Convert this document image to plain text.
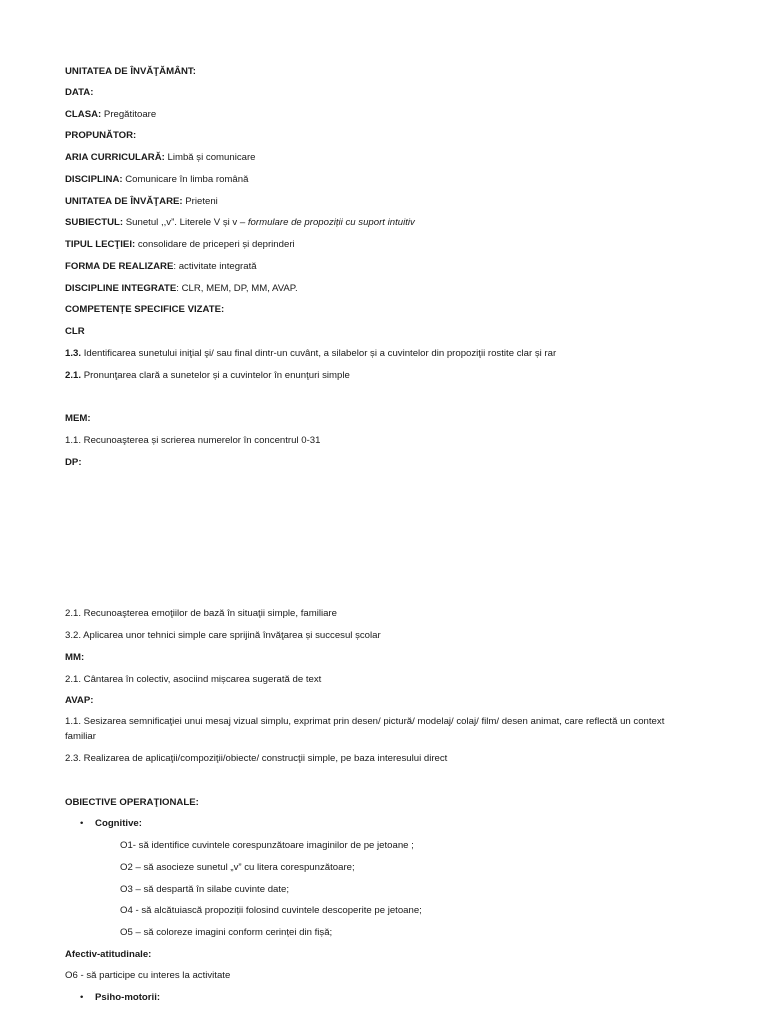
UNITATEA DE ÎNVĂŢĂMÂNT:
DATA:
CLASA: Pregătitoare
PROPUNĂTOR:
ARIA CURRICULARĂ: Limbă și comunicare
DISCIPLINA: Comunicare în limba română
UNITATEA DE ÎNVĂŢARE: Prieteni
SUBIECTUL: Sunetul ,,v”. Literele V și v – formulare de propoziții cu suport intuitiv
TIPUL LECŢIEI: consolidare de priceperi și deprinderi
FORMA DE REALIZARE: activitate integrată
DISCIPLINE INTEGRATE: CLR, MEM, DP, MM, AVAP.
COMPETENȚE SPECIFICE VIZATE:
CLR
1.3. Identificarea sunetului iniţial şi/ sau final dintr-un cuvânt, a silabelor și a cuvintelor din propoziţii rostite clar și rar
2.1. Pronunţarea clară a sunetelor și a cuvintelor în enunţuri simple
MEM:
1.1. Recunoaşterea și scrierea numerelor în concentrul 0-31
DP:
2.1. Recunoaşterea emoţiilor de bază în situaţii simple, familiare
3.2. Aplicarea unor tehnici simple care sprijină învăţarea și succesul școlar
MM:
2.1. Cântarea în colectiv, asociind mișcarea sugerată de text
AVAP:
1.1. Sesizarea semnificaţiei unui mesaj vizual simplu, exprimat prin desen/ pictură/ modelaj/ colaj/ film/ desen animat, care reflectă un context familiar
2.3. Realizarea de aplicaţii/compoziţii/obiecte/ construcţii simple, pe baza interesului direct
OBIECTIVE OPERAŢIONALE:
• Cognitive:
O1- să identifice cuvintele corespunzătoare imaginilor de pe jetoane ;
O2 – să asocieze sunetul „v” cu litera corespunzătoare;
O3 – să despartă în silabe cuvinte date;
O4 - să alcătuiască propoziții folosind cuvintele descoperite pe jetoane;
O5 – să coloreze imagini conform cerinței din fișă;
Afectiv-atitudinale:
O6 - să participe cu interes la activitate
• Psiho-motorii:
